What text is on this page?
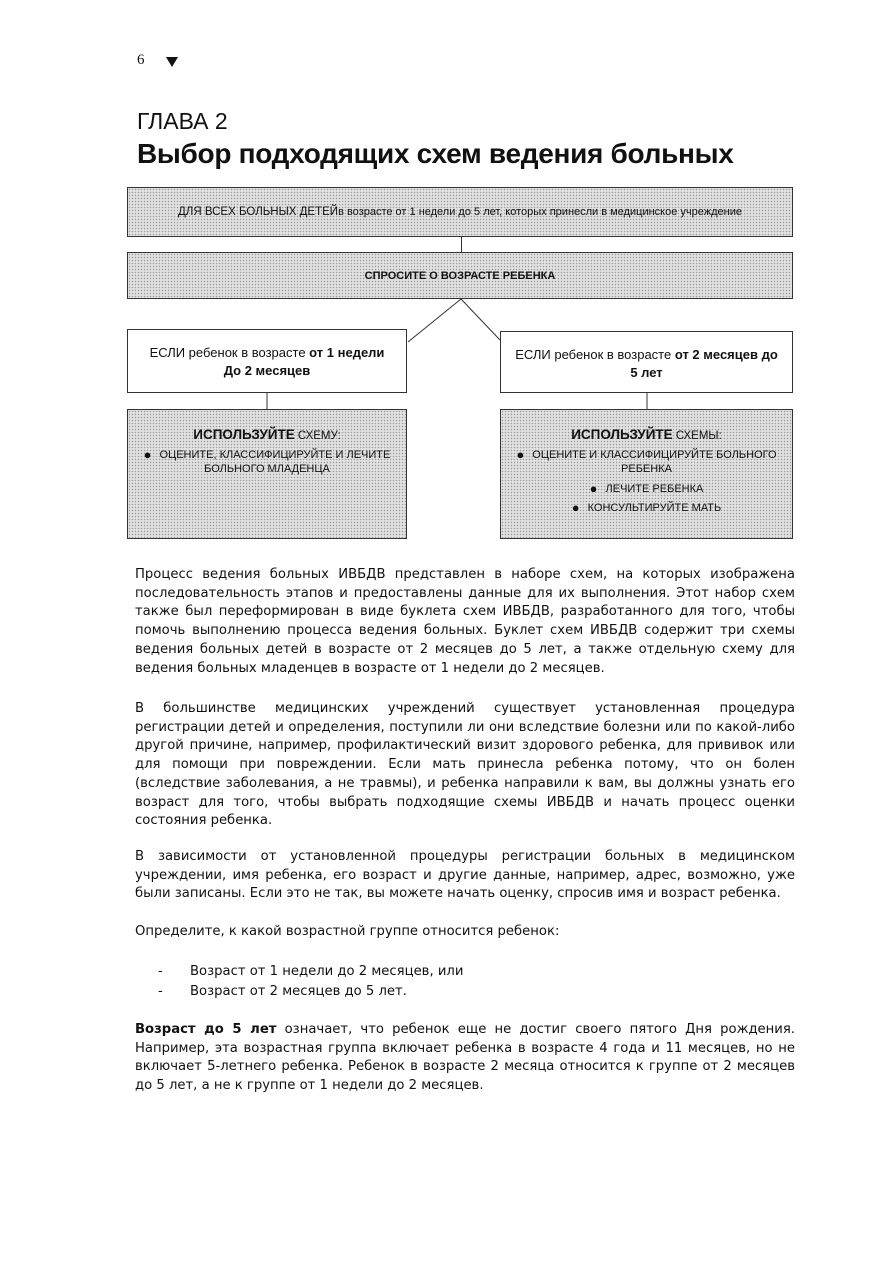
6
ГЛАВА 2
Выбор подходящих схем ведения больных
ДЛЯ ВСЕХ БОЛЬНЫХ ДЕТЕЙ в возрасте от 1 недели до 5 лет, которых принесли в медицинское учреждение
СПРОСИТЕ О ВОЗРАСТЕ РЕБЕНКА
ЕСЛИ ребенок в возрасте от 1 недели
До 2 месяцев
ЕСЛИ ребенок в возрасте от 2 месяцев до
5 лет
ИСПОЛЬЗУЙТЕ СХЕМУ:
● ОЦЕНИТЕ, КЛАССИФИЦИРУЙТЕ И ЛЕЧИТЕ
БОЛЬНОГО МЛАДЕНЦА
ИСПОЛЬЗУЙТЕ СХЕМЫ:
● ОЦЕНИТЕ И КЛАССИФИЦИРУЙТЕ БОЛЬНОГО
РЕБЕНКА
● ЛЕЧИТЕ РЕБЕНКА
● КОНСУЛЬТИРУЙТЕ МАТЬ

Процесс ведения больных ИВБДВ представлен в наборе схем, на которых изображена последовательность этапов и предоставлены данные для их выполнения. Этот набор схем также был переформирован в виде буклета схем ИВБДВ, разработанного для того, чтобы помочь выполнению процесса ведения больных. Буклет схем ИВБДВ содержит три схемы ведения больных детей в возрасте от 2 месяцев до 5 лет, а также отдельную схему для ведения больных младенцев в возрасте от 1 недели до 2 месяцев.

В большинстве медицинских учреждений существует установленная процедура регистрации детей и определения, поступили ли они вследствие болезни или по какой-либо другой причине, например, профилактический визит здорового ребенка, для прививок или для помощи при повреждении. Если мать принесла ребенка потому, что он болен (вследствие заболевания, а не травмы), и ребенка направили к вам, вы должны узнать его возраст для того, чтобы выбрать подходящие схемы ИВБДВ и начать процесс оценки состояния ребенка.

В зависимости от установленной процедуры регистрации больных в медицинском учреждении, имя ребенка, его возраст и другие данные, например, адрес, возможно, уже были записаны. Если это не так, вы можете начать оценку, спросив имя и возраст ребенка.

Определите, к какой возрастной группе относится ребенок:

-	Возраст от 1 недели до 2 месяцев, или
-	Возраст от 2 месяцев до 5 лет.

Возраст до 5 лет означает, что ребенок еще не достиг своего пятого Дня рождения. Например, эта возрастная группа включает ребенка в возрасте 4 года и 11 месяцев, но не включает 5-летнего ребенка. Ребенок в возрасте 2 месяца относится к группе от 2 месяцев до 5 лет, а не к группе от 1 недели до 2 месяцев.
